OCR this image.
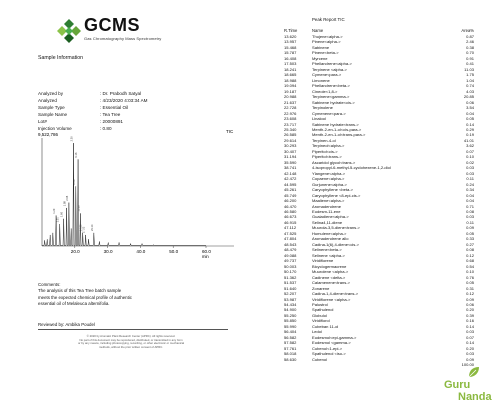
GCMS
Gas Chromatography Mass Spectrometry
Sample Information
Analyzed by	: Dr. Prabodh Satyal
Analyzed	: 4/23/2020 4:03:34 AM
Sample Type	: Essential Oil
Sample Name	: Tea Tree
Lot#	: 20000891
Injection Volume	: 0.80
9,522,786
TIC
1.29
1.51
1.66
1.88
2.08
2.30
2.54
9.16
11.68
14.86 17.52	23.14
20.0	30.0	40.0	50.0	60.0
min
Comments:
The analysis of this Tea Tree batch sample
meets the expected chemical profile of authentic
essential oil of Melaleuca alternifolia.
Reviewed by: Ambika Poudel
© 2020 by Aromatic Plant Research Center (APRC). All rights reserved.
No part of this document may be reproduced, distributed, or transmitted in any form
or by any means, including photocopying, recording, or other electronic or mechanical
methods, without the prior written consent of APRC.
Peak Report TIC
R.Time	Name	Area%
13.620	Thujene<alpha->	0.87
13.957	Pinene<alpha->	2.46
15.468	Sabinene	0.38
15.787	Pinene<beta->	0.70
16.408	Myrcene	0.91
17.503	Phellandrene<alpha->	0.41
18.241	Terpinene <alpha->	11.03
18.665	Cymene<para->	1.75
18.988	Limonene	1.04
19.094	Phellandrene<beta->	0.74
19.187	Cineole<1,8->	4.03
20.988	Terpinene<gamma->	20.85
21.637	Sabinene hydrate<cis->	0.06
22.728	Terpinolene	3.54
22.976	Cymenene<para->	0.04
23.608	Linalool	0.05
23.717	Sabinene hydrate<trans->	0.14
25.340	Menth-2-en-1-ol<cis-para->	0.29
26.585	Menth-2-en-1-ol<trans-para->	0.19
29.614	Terpinen-4-ol	41.01
30.293	Terpineol<alpha->	3.62
30.407	Piperitol<cis->	0.07
31.194	Piperitol<trans->	0.10
35.590	Ascaridol glycol<trans->	0.02
38.741	4-isopropyl-6-methyl-5-cyclohexene-1,2-diol	0.03
42.148	Ylangene<alpha->	0.03
42.472	Copaene<alpha->	0.11
44.595	Gurjunene<alpha->	0.24
45.261	Caryophyllene <beta->	0.34
45.749	Caryophyllene <8-epi-cis->	0.04
46.200	Maaliene<alpha->	0.04
46.470	Aromadendrene	0.71
46.580	Eudesm-11-ene	0.08
46.673	Guaiadiene<alpha->	0.03
46.915	Selina4,11-diene	0.11
47.112	Muurola-3,5-diene<trans->	0.09
47.525	Humulene<alpha->	0.05
47.804	Aromadendrene allo	0.33
48.543	Cadina-1(6),4-diene<cis->	0.27
48.479	Selinene<beta->	0.08
49.088	Selinene <alpha->	0.12
49.737	Viridiflorene	0.68
50.003	Bicyclogermacrene	0.54
50.170	Muurolene <alpha->	0.10
51.362	Cadinene <delta->	0.76
51.537	Calamenene<trans->	0.05
51.640	Zonarene	0.31
52.207	Cadina-1,4-diene<trans->	0.12
53.987	Viridiflorene <alpha->	0.09
54.434	Palustrol	0.06
54.900	Spathulenol	0.20
55.250	Globulol	0.39
55.850	Viridiflorol	0.16
55.990	Cubeban 11-ol	0.14
56.404	Ledol	0.03
56.582	Eudesmol<epi-gamma->	0.07
57.582	Eudesmol <gamma->	0.14
57.761	Cubenol<1-epi->	0.20
58.018	Spathulenol <iso->	0.03
58.630	Cubenol	0.09
100.00
Guru
Nanda
